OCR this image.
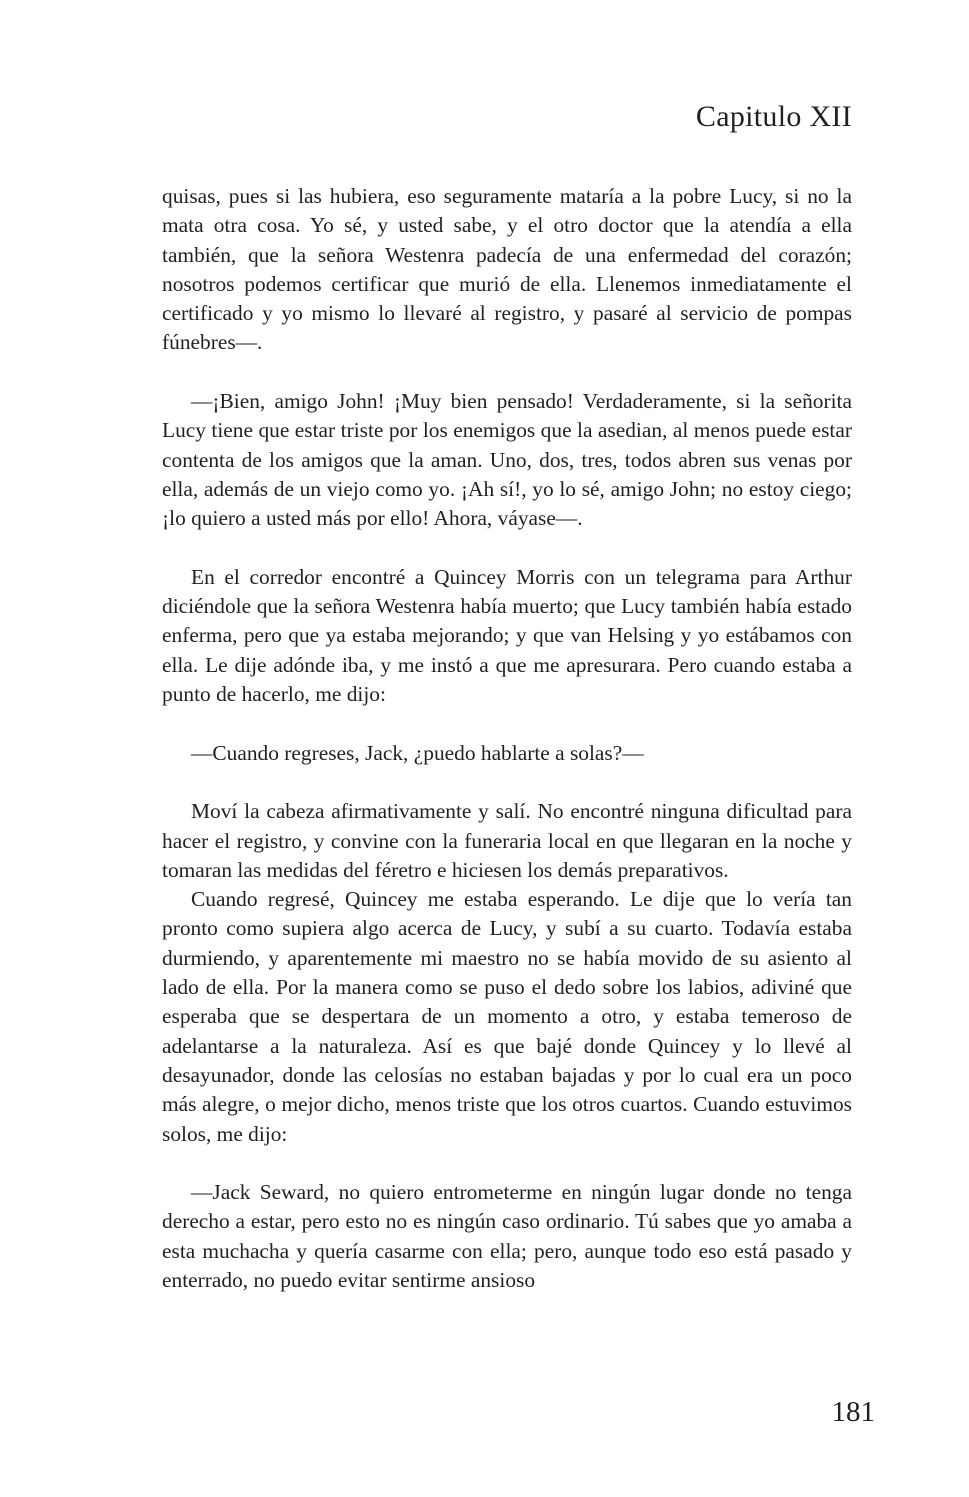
Capitulo XII

quisas, pues si las hubiera, eso seguramente mataría a la pobre Lucy, si no la mata otra cosa. Yo sé, y usted sabe, y el otro doctor que la atendía a ella también, que la señora Westenra padecía de una enfermedad del corazón; nosotros podemos certificar que murió de ella. Llenemos inmediatamente el certificado y yo mismo lo llevaré al registro, y pasaré al servicio de pompas fúnebres—.

—¡Bien, amigo John! ¡Muy bien pensado! Verdaderamente, si la señorita Lucy tiene que estar triste por los enemigos que la asedian, al menos puede estar contenta de los amigos que la aman. Uno, dos, tres, todos abren sus venas por ella, además de un viejo como yo. ¡Ah sí!, yo lo sé, amigo John; no estoy ciego; ¡lo quiero a usted más por ello! Ahora, váyase—.

En el corredor encontré a Quincey Morris con un telegrama para Arthur diciéndole que la señora Westenra había muerto; que Lucy también había estado enferma, pero que ya estaba mejorando; y que van Helsing y yo estábamos con ella. Le dije adónde iba, y me instó a que me apresurara. Pero cuando estaba a punto de hacerlo, me dijo:

—Cuando regreses, Jack, ¿puedo hablarte a solas?—

Moví la cabeza afirmativamente y salí. No encontré ninguna dificultad para hacer el registro, y convine con la funeraria local en que llegaran en la noche y tomaran las medidas del féretro e hiciesen los demás preparativos.

Cuando regresé, Quincey me estaba esperando. Le dije que lo vería tan pronto como supiera algo acerca de Lucy, y subí a su cuarto. Todavía estaba durmiendo, y aparentemente mi maestro no se había movido de su asiento al lado de ella. Por la manera como se puso el dedo sobre los labios, adiviné que esperaba que se despertara de un momento a otro, y estaba temeroso de adelantarse a la naturaleza. Así es que bajé donde Quincey y lo llevé al desayunador, donde las celosías no estaban bajadas y por lo cual era un poco más alegre, o mejor dicho, menos triste que los otros cuartos. Cuando estuvimos solos, me dijo:

—Jack Seward, no quiero entrometerme en ningún lugar donde no tenga derecho a estar, pero esto no es ningún caso ordinario. Tú sabes que yo amaba a esta muchacha y quería casarme con ella; pero, aunque todo eso está pasado y enterrado, no puedo evitar sentirme ansioso

181
